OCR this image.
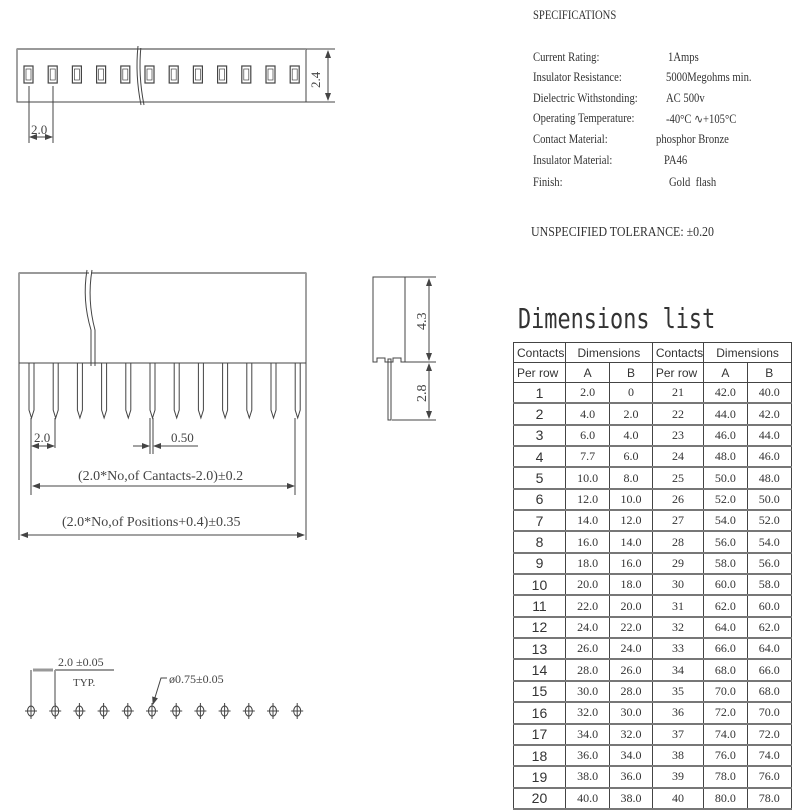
2.4
2.0
2.0	0.50
(2.0*No,of Cantacts-2.0)±0.2
(2.0*No,of Positions+0.4)±0.35
4.3
2.8
2.0 ±0.05
TYP.	ø0.75±0.05
SPECIFICATIONS
Current Rating:	1Amps
Insulator Resistance:	5000Megohms min.
Dielectric Withstonding: AC 500v
Operating Temperature:	-40°C ∿+105°C
Contact Material:	phosphor Bronze
Insulator Material:	PA46
Finish:	Gold  flash
UNSPECIFIED TOLERANCE: ±0.20
Dimensions list
Contacts	Dimensions		Contacts	Dimensions	
Per row	A	B	Per row	A	B
1	2.0	0	21	42.0	40.0
2	4.0	2.0	22	44.0	42.0
3	6.0	4.0	23	46.0	44.0
4	7.7	6.0	24	48.0	46.0
5	10.0	8.0	25	50.0	48.0
6	12.0	10.0	26	52.0	50.0
7	14.0	12.0	27	54.0	52.0
8	16.0	14.0	28	56.0	54.0
9	18.0	16.0	29	58.0	56.0
10	20.0	18.0	30	60.0	58.0
11	22.0	20.0	31	62.0	60.0
12	24.0	22.0	32	64.0	62.0
13	26.0	24.0	33	66.0	64.0
14	28.0	26.0	34	68.0	66.0
15	30.0	28.0	35	70.0	68.0
16	32.0	30.0	36	72.0	70.0
17	34.0	32.0	37	74.0	72.0
18	36.0	34.0	38	76.0	74.0
19	38.0	36.0	39	78.0	76.0
20	40.0	38.0	40	80.0	78.0
